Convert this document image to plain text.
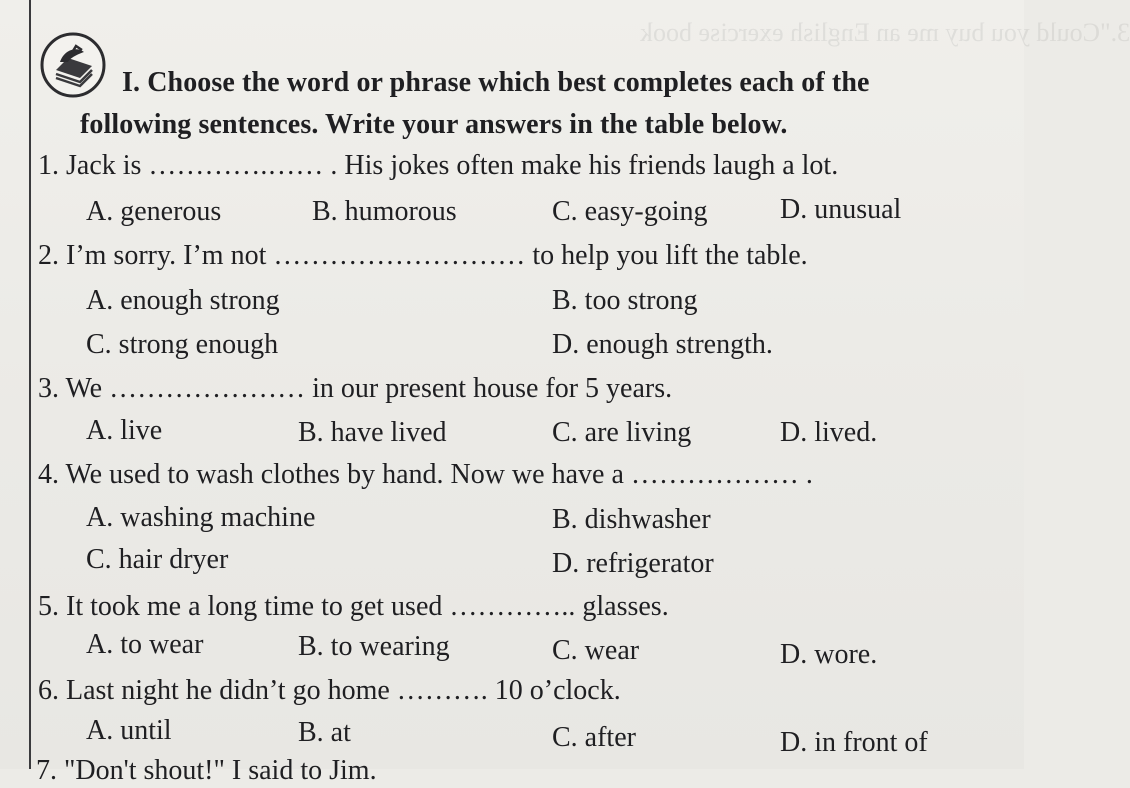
3."Could you buy me an English exercise book
I. Choose the word or phrase which best completes each of the
following sentences. Write your answers in the table below.
1. Jack is ………….…… . His jokes often make his friends laugh a lot.
A. generous	B. humorous	C. easy-going	D. unusual
2. I’m sorry. I’m not ……………………… to help you lift the table.
A. enough strong	B. too strong
C. strong enough	D. enough strength.
3. We ………………… in our present house for 5 years.
A. live	B. have lived	C. are living	D. lived.
4. We used to wash clothes by hand. Now we have a ……………… .
A. washing machine	B. dishwasher
C. hair dryer	D. refrigerator
5. It took me a long time to get used ………….. glasses.
A. to wear	B. to wearing	C. wear	D. wore.
6. Last night he didn’t go home ………. 10 o’clock.
A. until	B. at	C. after	D. in front of
7. "Don't shout!" I said to Jim.
